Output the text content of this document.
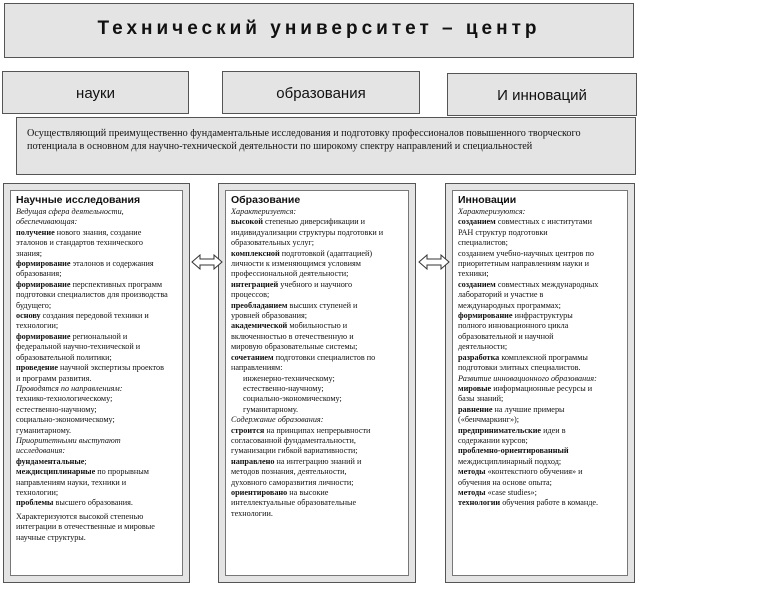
Технический университет – центр
науки	образования	И инноваций
Осуществляющий преимущественно фундаментальные исследования и подготовку профессионалов повышенного творческого
потенциала в основном для научно-технической деятельности по широкому спектру направлений и специальностей
Научные исследования
Ведущая сфера деятельности,
обеспечивающая:
получение нового знания, создание
эталонов и стандартов технического
знания;
формирование эталонов и содержания
образования;
формирование перспективных программ
подготовки специалистов для производства
будущего;
основу создания передовой техники и
технологии;
формирование региональной и
федеральной научно-технической и
образовательной политики;
проведение научной экспертизы проектов
и программ развития.
Проводятся по направлениям:
технико-технологическому;
естественно-научному;
социально-экономическому;
гуманитарному.
Приоритетными выступают
исследования:
фундаментальные;
междисциплинарные по прорывным
направлениям науки, техники и
технологии;
проблемы высшего образования.
Характеризуются высокой степенью
интеграции в отечественные и мировые
научные структуры.
Образование
Характеризуется:
высокой степенью диверсификации и
индивидуализации структуры подготовки и
образовательных услуг;
комплексной подготовкой (адаптацией)
личности к изменяющимся условиям
профессиональной деятельности;
интеграцией учебного и научного
процессов;
преобладанием высших ступеней и
уровней образования;
академической мобильностью и
включенностью в отечественную и
мировую образовательные системы;
сочетанием подготовки специалистов по
направлениям:
инженерно-техническому;
естественно-научному;
социально-экономическому;
гуманитарному.
Содержание образования:
строится на принципах непрерывности
согласованной фундаментальности,
гуманизации гибкой вариативности;
направлено на интеграцию знаний и
методов познания, деятельности,
духовного саморазвития личности;
ориентировано на высокие
интеллектуальные образовательные
технологии.
Инновации
Характеризуются:
созданием совместных с институтами
РАН структур подготовки
специалистов;
созданием учебно-научных центров по
приоритетным направлениям науки и
техники;
созданием совместных международных
лабораторий и участие в
международных программах;
формирование инфраструктуры
полного инновационного цикла
образовательной и научной
деятельности;
разработка комплексной программы
подготовки элитных специалистов.
Развитие инновационного образования:
мировые информационные ресурсы и
базы знаний;
равнение на лучшие примеры
(«бенчмаркинг»);
предпринимательские идеи в
содержании курсов;
проблемно-ориентированный
междисциплинарный подход;
методы «контекстного обучения» и
обучения на основе опыта;
методы «case studies»;
технологии обучения работе в команде.
